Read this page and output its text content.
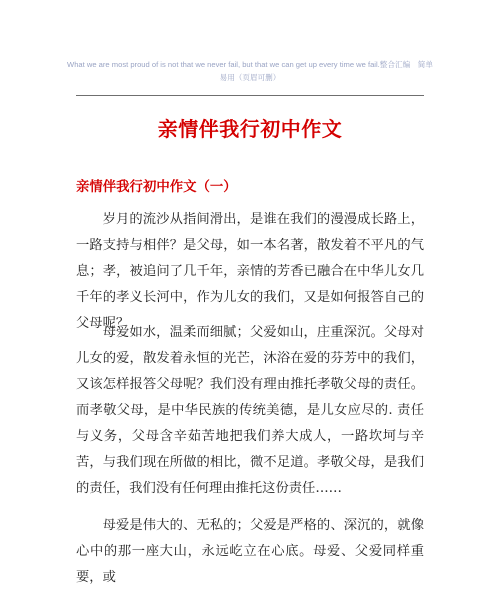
What we are most proud of is not that we never fail, but that we can get up every time we fail.整合汇编　简单
易用（页眉可删）
亲情伴我行初中作文
亲情伴我行初中作文（一）

岁月的流沙从指间滑出，是谁在我们的漫漫成长路上，一路支持与相伴？是父母，如一本名著，散发着不平凡的气息；孝，被追问了几千年，亲情的芳香已融合在中华儿女几千年的孝义长河中，作为儿女的我们，又是如何报答自己的父母呢？

母爱如水，温柔而细腻；父爱如山，庄重深沉。父母对儿女的爱，散发着永恒的光芒，沐浴在爱的芬芳中的我们，又该怎样报答父母呢？我们没有理由推托孝敬父母的责任。而孝敬父母，是中华民族的传统美德，是儿女应尽的. 责任与义务，父母含辛茹苦地把我们养大成人，一路坎坷与辛苦，与我们现在所做的相比，微不足道。孝敬父母，是我们的责任，我们没有任何理由推托这份责任……

母爱是伟大的、无私的；父爱是严格的、深沉的，就像心中的那一座大山，永远屹立在心底。母爱、父爱同样重要，或
